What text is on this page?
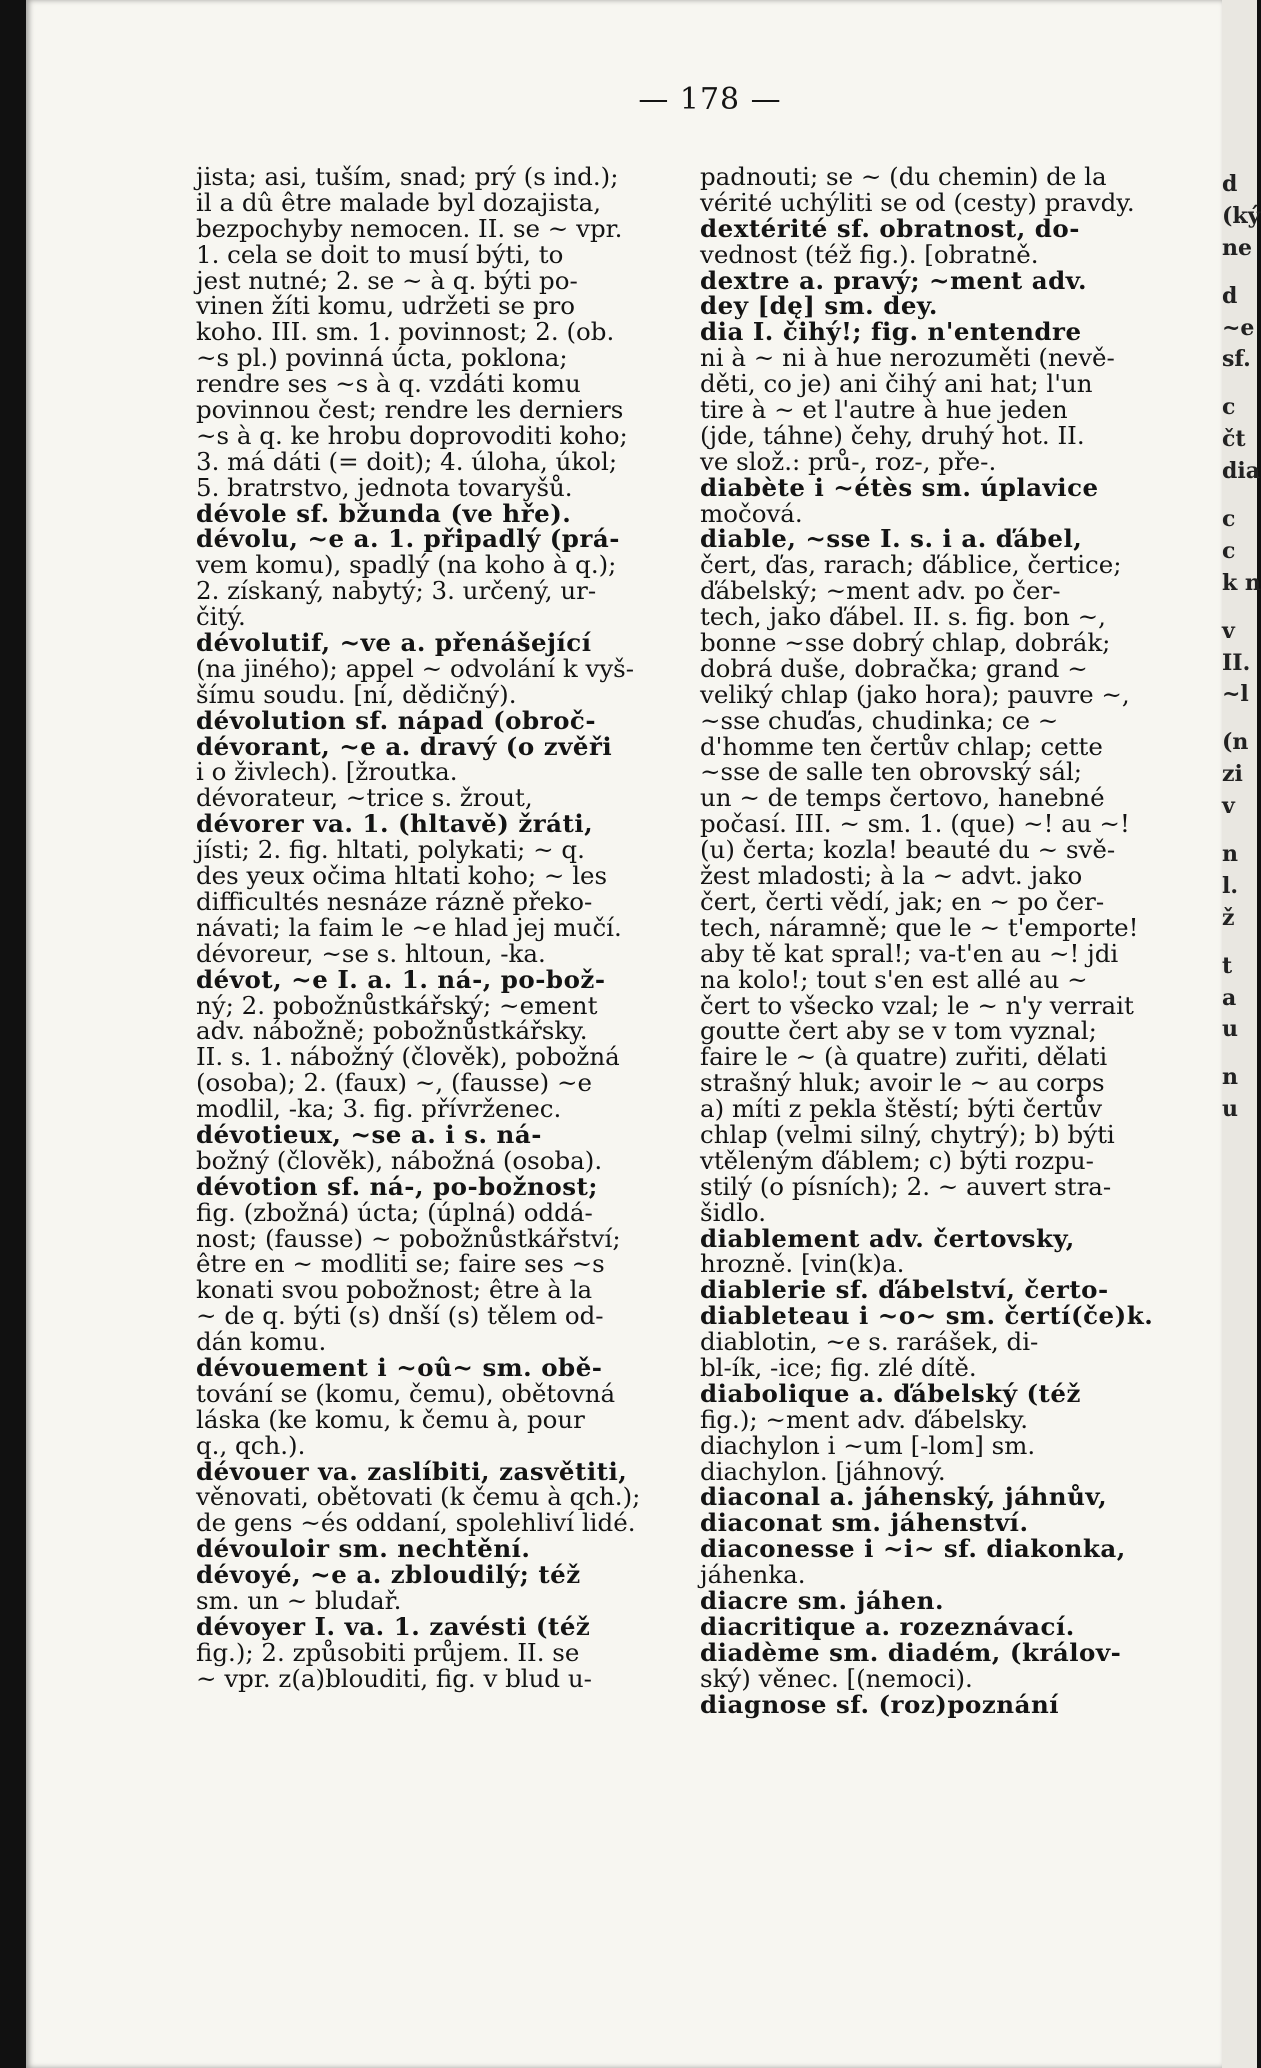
— 178 —
jista; asi, tuším, snad; prý (s ind.);
il a dû être malade byl dozajista,
bezpochyby nemocen. II. se ~ vpr.
1. cela se doit to musí býti, to
jest nutné; 2. se ~ à q. býti po-
vinen žíti komu, udržeti se pro
koho. III. sm. 1. povinnost; 2. (ob.
~s pl.) povinná úcta, poklona;
rendre ses ~s à q. vzdáti komu
povinnou čest; rendre les derniers
~s à q. ke hrobu doprovoditi koho;
3. má dáti (= doit); 4. úloha, úkol;
5. bratrstvo, jednota tovaryšů.
dévole sf. bžunda (ve hře).
dévolu, ~e a. 1. připadlý (prá-
vem komu), spadlý (na koho à q.);
2. získaný, nabytý; 3. určený, ur-
čitý.
dévolutif, ~ve a. přenášející
(na jiného); appel ~ odvolání k vyš-
šímu soudu. [ní, dědičný).
dévolution sf. nápad (obroč-
dévorant, ~e a. dravý (o zvěři
i o živlech). [žroutka.
dévorateur, ~trice s. žrout,
dévorer va. 1. (hltavě) žráti,
jísti; 2. fig. hltati, polykati; ~ q.
des yeux očima hltati koho; ~ les
difficultés nesnáze rázně překo-
návati; la faim le ~e hlad jej mučí.
dévoreur, ~se s. hltoun, -ka.
dévot, ~e I. a. 1. ná-, po-bož-
ný; 2. pobožnůstkářský; ~ement
adv. nábožně; pobožnůstkářsky.
II. s. 1. nábožný (člověk), pobožná
(osoba); 2. (faux) ~, (fausse) ~e
modlil, -ka; 3. fig. přívrženec.
dévotieux, ~se a. i s. ná-
božný (člověk), nábožná (osoba).
dévotion sf. ná-, po-božnost;
fig. (zbožná) úcta; (úplná) oddá-
nost; (fausse) ~ pobožnůstkářství;
être en ~ modliti se; faire ses ~s
konati svou pobožnost; être à la
~ de q. býti (s) dnší (s) tělem od-
dán komu.
dévouement i ~oû~ sm. obě-
tování se (komu, čemu), obětovná
láska (ke komu, k čemu à, pour
q., qch.).
dévouer va. zaslíbiti, zasvětiti,
věnovati, obětovati (k čemu à qch.);
de gens ~és oddaní, spolehliví lidé.
dévouloir sm. nechtění.
dévoyé, ~e a. zbloudilý; též
sm. un ~ bludař.
dévoyer I. va. 1. zavésti (též
fig.); 2. způsobiti průjem. II. se
~ vpr. z(a)blouditi, fig. v blud u-
padnouti; se ~ (du chemin) de la
vérité uchýliti se od (cesty) pravdy.
dextérité sf. obratnost, do-
vednost (též fig.). [obratně.
dextre a. pravý; ~ment adv.
dey [dę] sm. dey.
dia I. čihý!; fig. n'entendre
ni à ~ ni à hue nerozuměti (nevě-
děti, co je) ani čihý ani hat; l'un
tire à ~ et l'autre à hue jeden
(jde, táhne) čehy, druhý hot. II.
ve slož.: prů-, roz-, pře-.
diabète i ~étès sm. úplavice
močová.
diable, ~sse I. s. i a. ďábel,
čert, ďas, rarach; ďáblice, čertice;
ďábelský; ~ment adv. po čer-
tech, jako ďábel. II. s. fig. bon ~,
bonne ~sse dobrý chlap, dobrák;
dobrá duše, dobračka; grand ~
veliký chlap (jako hora); pauvre ~,
~sse chuďas, chudinka; ce ~
d'homme ten čertův chlap; cette
~sse de salle ten obrovský sál;
un ~ de temps čertovo, hanebné
počasí. III. ~ sm. 1. (que) ~! au ~!
(u) čerta; kozla! beauté du ~ svě-
žest mladosti; à la ~ advt. jako
čert, čerti vědí, jak; en ~ po čer-
tech, náramně; que le ~ t'emporte!
aby tě kat spral!; va-t'en au ~! jdi
na kolo!; tout s'en est allé au ~
čert to všecko vzal; le ~ n'y verrait
goutte čert aby se v tom vyznal;
faire le ~ (à quatre) zuřiti, dělati
strašný hluk; avoir le ~ au corps
a) míti z pekla štěstí; býti čertův
chlap (velmi silný, chytrý); b) býti
vtěleným ďáblem; c) býti rozpu-
stilý (o písních); 2. ~ auvert stra-
šidlo.
diablement adv. čertovsky,
hrozně. [vin(k)a.
diablerie sf. ďábelství, čerto-
diableteau i ~o~ sm. čertí(če)k.
diablotin, ~e s. rarášek, di-
bl-ík, -ice; fig. zlé dítě.
diabolique a. ďábelský (též
fig.); ~ment adv. ďábelsky.
diachylon i ~um [-lom] sm.
diachylon. [jáhnový.
diaconal a. jáhenský, jáhnův,
diaconat sm. jáhenství.
diaconesse i ~i~ sf. diakonka,
jáhenka.
diacre sm. jáhen.
diacritique a. rozeznávací.
diadème sm. diadém, (králov-
ský) věnec. [(nemoci).
diagnose sf. (roz)poznání
d
(ký
ne
d
~e
sf.
c
čt
dia
c
c
k n
v
II.
~l
(n
zi
v
n
l.
ž
t
a
u
n
u
